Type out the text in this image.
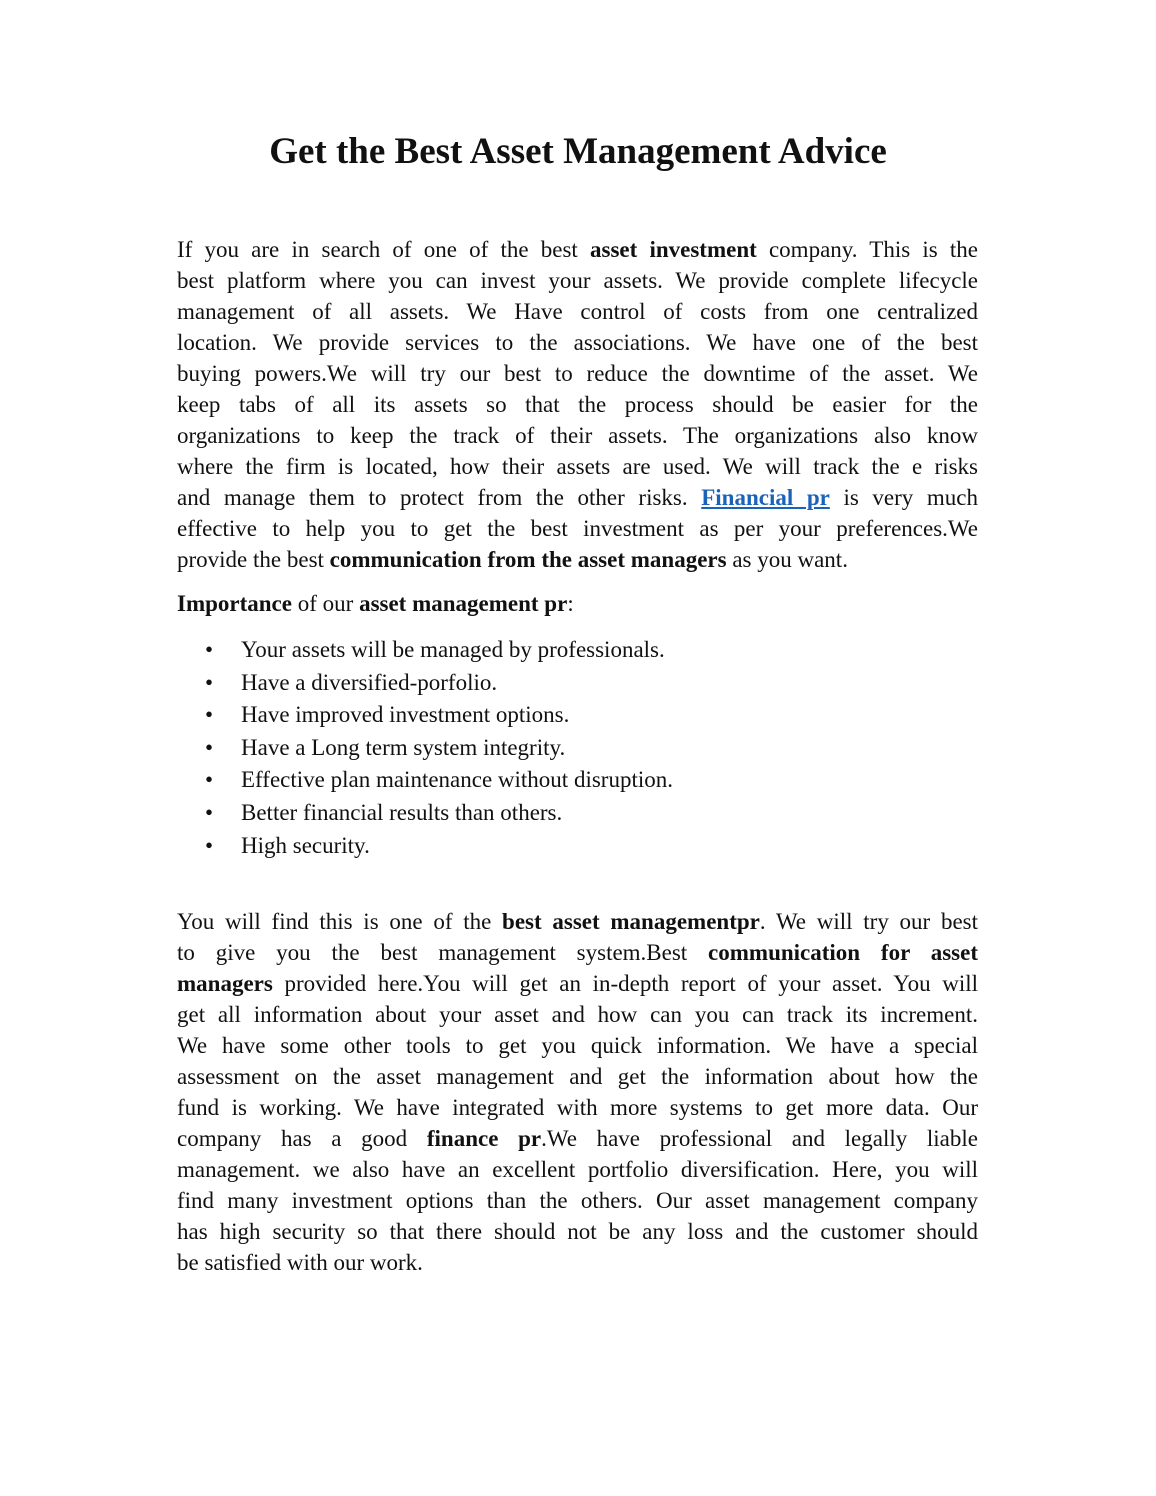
Get the Best Asset Management Advice
If you are in search of one of the best asset investment company. This is the
best platform where you can invest your assets. We provide complete lifecycle
management of all assets. We Have control of costs from one centralized
location. We provide services to the associations. We have one of the best
buying powers.We will try our best to reduce the downtime of the asset. We
keep tabs of all its assets so that the process should be easier for the
organizations to keep the track of their assets. The organizations also know
where the firm is located, how their assets are used. We will track the e risks
and manage them to protect from the other risks. Financial pr is very much
effective to help you to get the best investment as per your preferences.We
provide the best communication from the asset managers as you want.
Importance of our asset management pr:
• Your assets will be managed by professionals.
• Have a diversified-porfolio.
• Have improved investment options.
• Have a Long term system integrity.
• Effective plan maintenance without disruption.
• Better financial results than others.
• High security.
You will find this is one of the best asset managementpr. We will try our best
to give you the best management system.Best communication for asset
managers provided here.You will get an in-depth report of your asset. You will
get all information about your asset and how can you can track its increment.
We have some other tools to get you quick information. We have a special
assessment on the asset management and get the information about how the
fund is working. We have integrated with more systems to get more data. Our
company has a good finance pr.We have professional and legally liable
management. we also have an excellent portfolio diversification. Here, you will
find many investment options than the others. Our asset management company
has high security so that there should not be any loss and the customer should
be satisfied with our work.
